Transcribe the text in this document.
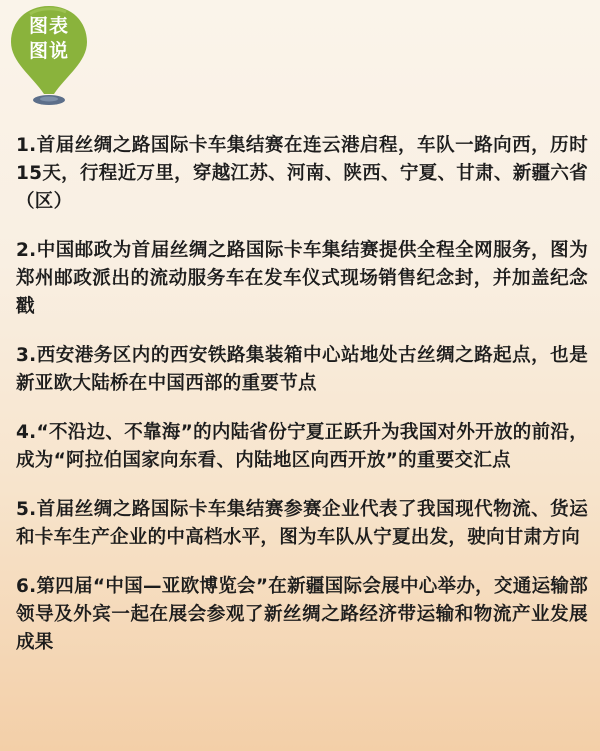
图表
图说

1.首届丝绸之路国际卡车集结赛在连云港启程，车队一路向西，历时15天，行程近万里，穿越江苏、河南、陕西、宁夏、甘肃、新疆六省（区）

2.中国邮政为首届丝绸之路国际卡车集结赛提供全程全网服务，图为郑州邮政派出的流动服务车在发车仪式现场销售纪念封，并加盖纪念戳

3.西安港务区内的西安铁路集装箱中心站地处古丝绸之路起点，也是新亚欧大陆桥在中国西部的重要节点

4.“不沿边、不靠海”的内陆省份宁夏正跃升为我国对外开放的前沿，成为“阿拉伯国家向东看、内陆地区向西开放”的重要交汇点

5.首届丝绸之路国际卡车集结赛参赛企业代表了我国现代物流、货运和卡车生产企业的中高档水平，图为车队从宁夏出发，驶向甘肃方向

6.第四届“中国—亚欧博览会”在新疆国际会展中心举办，交通运输部领导及外宾一起在展会参观了新丝绸之路经济带运输和物流产业发展成果
